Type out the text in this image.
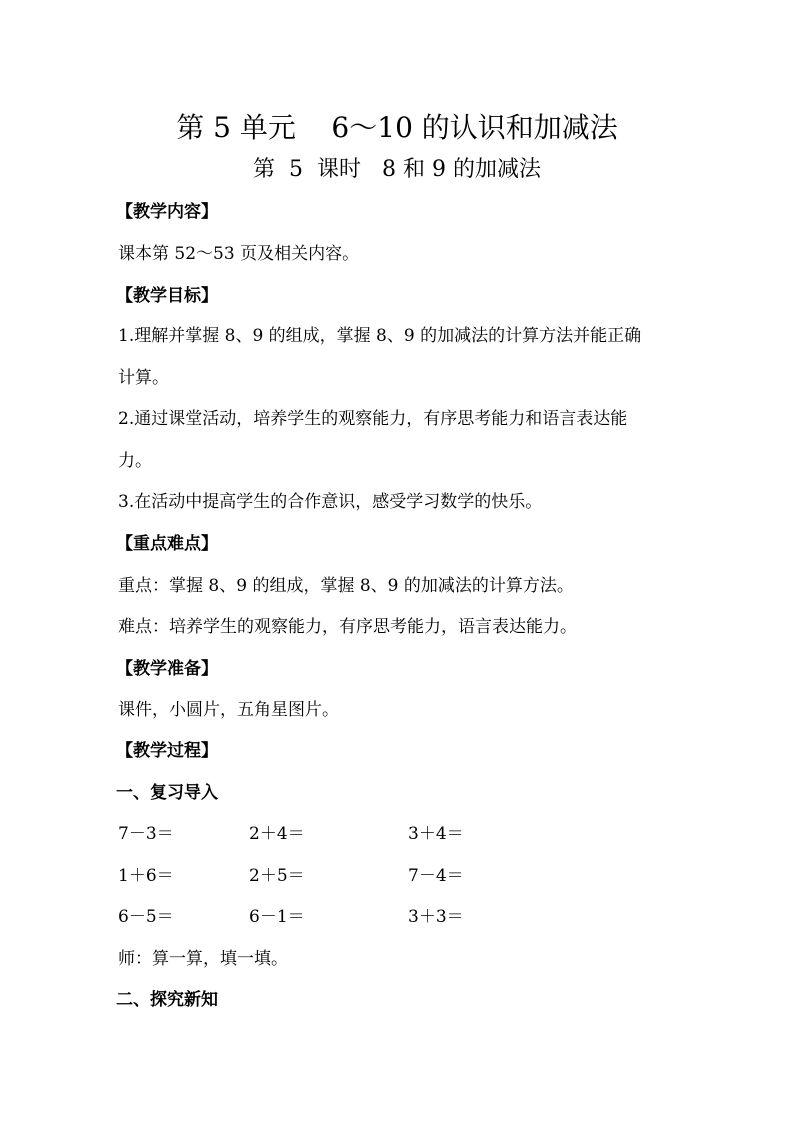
第 5 单元    6～10 的认识和加减法
第  5  课时   8 和 9 的加减法
【教学内容】
课本第 52～53 页及相关内容。
【教学目标】
1.理解并掌握 8、9 的组成，掌握 8、9 的加减法的计算方法并能正确
计算。
2.通过课堂活动，培养学生的观察能力，有序思考能力和语言表达能
力。
3.在活动中提高学生的合作意识，感受学习数学的快乐。
【重点难点】
重点：掌握 8、9 的组成，掌握 8、9 的加减法的计算方法。
难点：培养学生的观察能力，有序思考能力，语言表达能力。
【教学准备】
课件，小圆片，五角星图片。
【教学过程】
一、复习导入
7－3＝	2＋4＝	3＋4＝
1＋6＝	2＋5＝	7－4＝
6－5＝	6－1＝	3＋3＝
师：算一算，填一填。
二、探究新知
